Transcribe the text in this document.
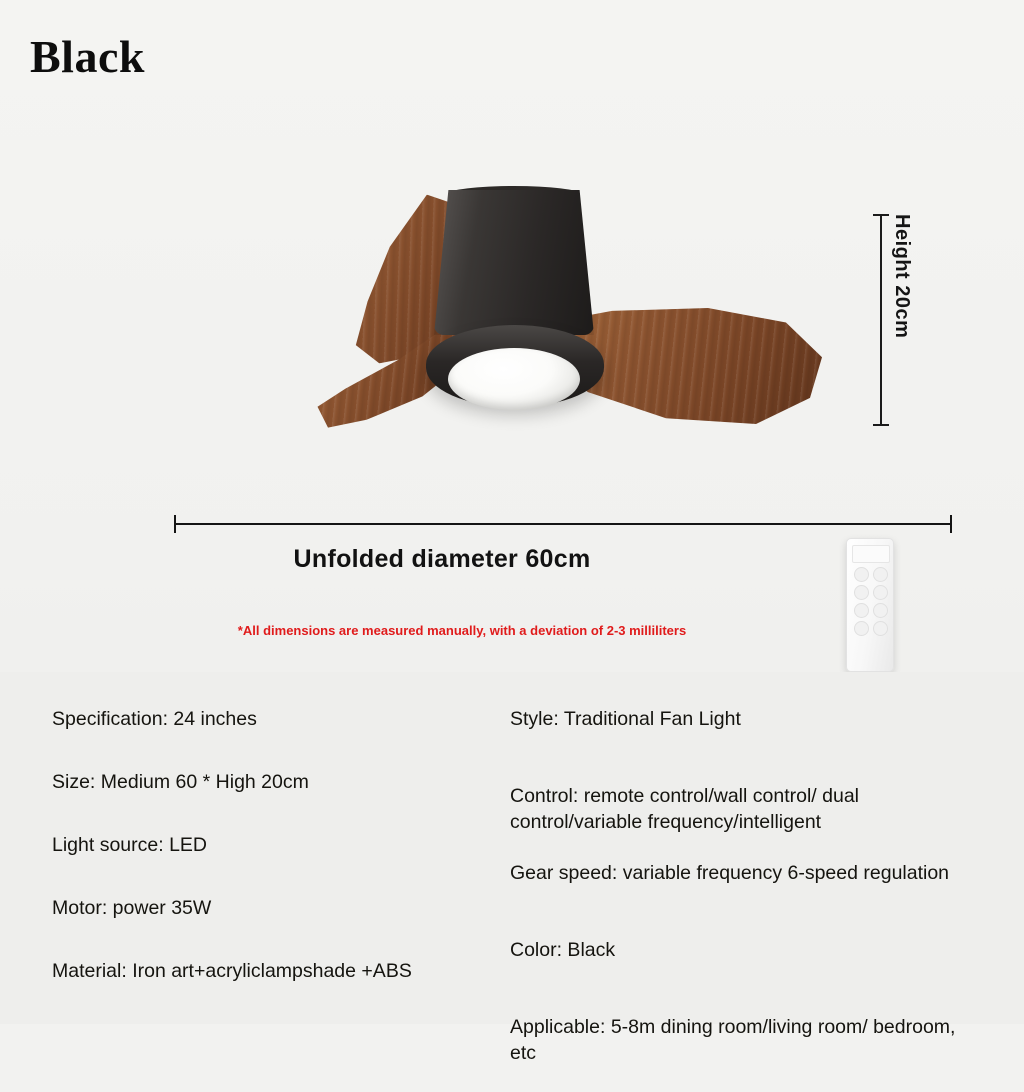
Black
Height 20cm
Unfolded diameter 60cm
*All dimensions are measured manually, with a deviation of 2-3 milliliters
Specification: 24 inches
Size: Medium 60 * High 20cm
Light source: LED
Motor: power 35W
Material: Iron art+acryliclampshade +ABS
Style: Traditional Fan Light
Control: remote control/wall control/ dual control/variable frequency/intelligent
Gear speed: variable frequency 6-speed regulation
Color: Black
Applicable: 5-8m dining room/living room/ bedroom, etc
